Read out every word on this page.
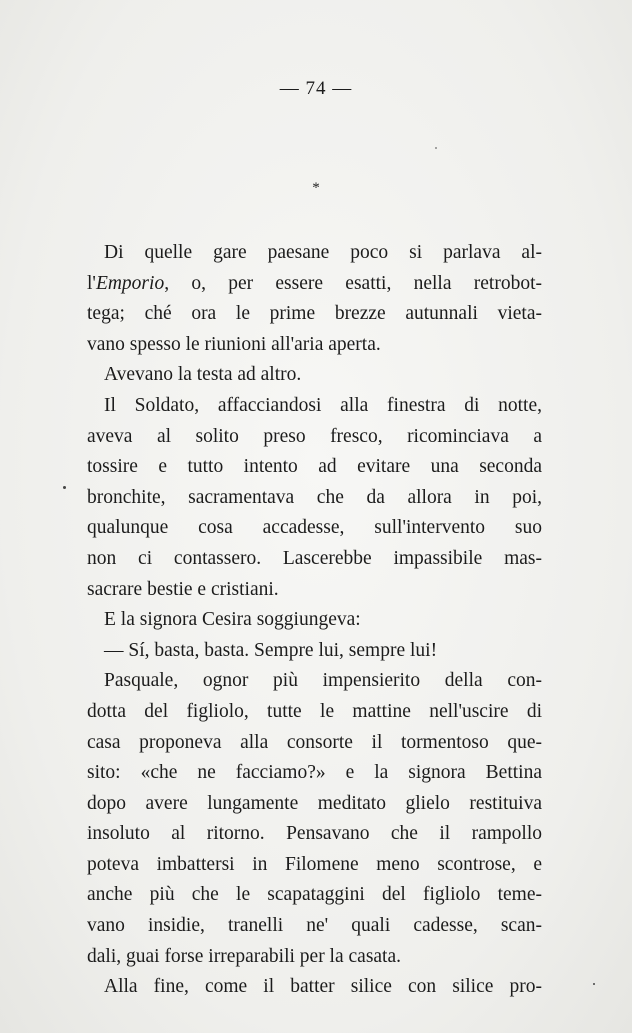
— 74 —
*
Di quelle gare paesane poco si parlava al-
l'Emporio, o, per essere esatti, nella retrobot-
tega; ché ora le prime brezze autunnali vieta-
vano spesso le riunioni all'aria aperta.
Avevano la testa ad altro.
Il Soldato, affacciandosi alla finestra di notte,
aveva al solito preso fresco, ricominciava a
tossire e tutto intento ad evitare una seconda
bronchite, sacramentava che da allora in poi,
qualunque cosa accadesse, sull'intervento suo
non ci contassero. Lascerebbe impassibile mas-
sacrare bestie e cristiani.
E la signora Cesira soggiungeva:
— Sí, basta, basta. Sempre lui, sempre lui!
Pasquale, ognor più impensierito della con-
dotta del figliolo, tutte le mattine nell'uscire di
casa proponeva alla consorte il tormentoso que-
sito: «che ne facciamo?» e la signora Bettina
dopo avere lungamente meditato glielo restituiva
insoluto al ritorno. Pensavano che il rampollo
poteva imbattersi in Filomene meno scontrose, e
anche più che le scapataggini del figliolo teme-
vano insidie, tranelli ne' quali cadesse, scan-
dali, guai forse irreparabili per la casata.
Alla fine, come il batter silice con silice pro-
